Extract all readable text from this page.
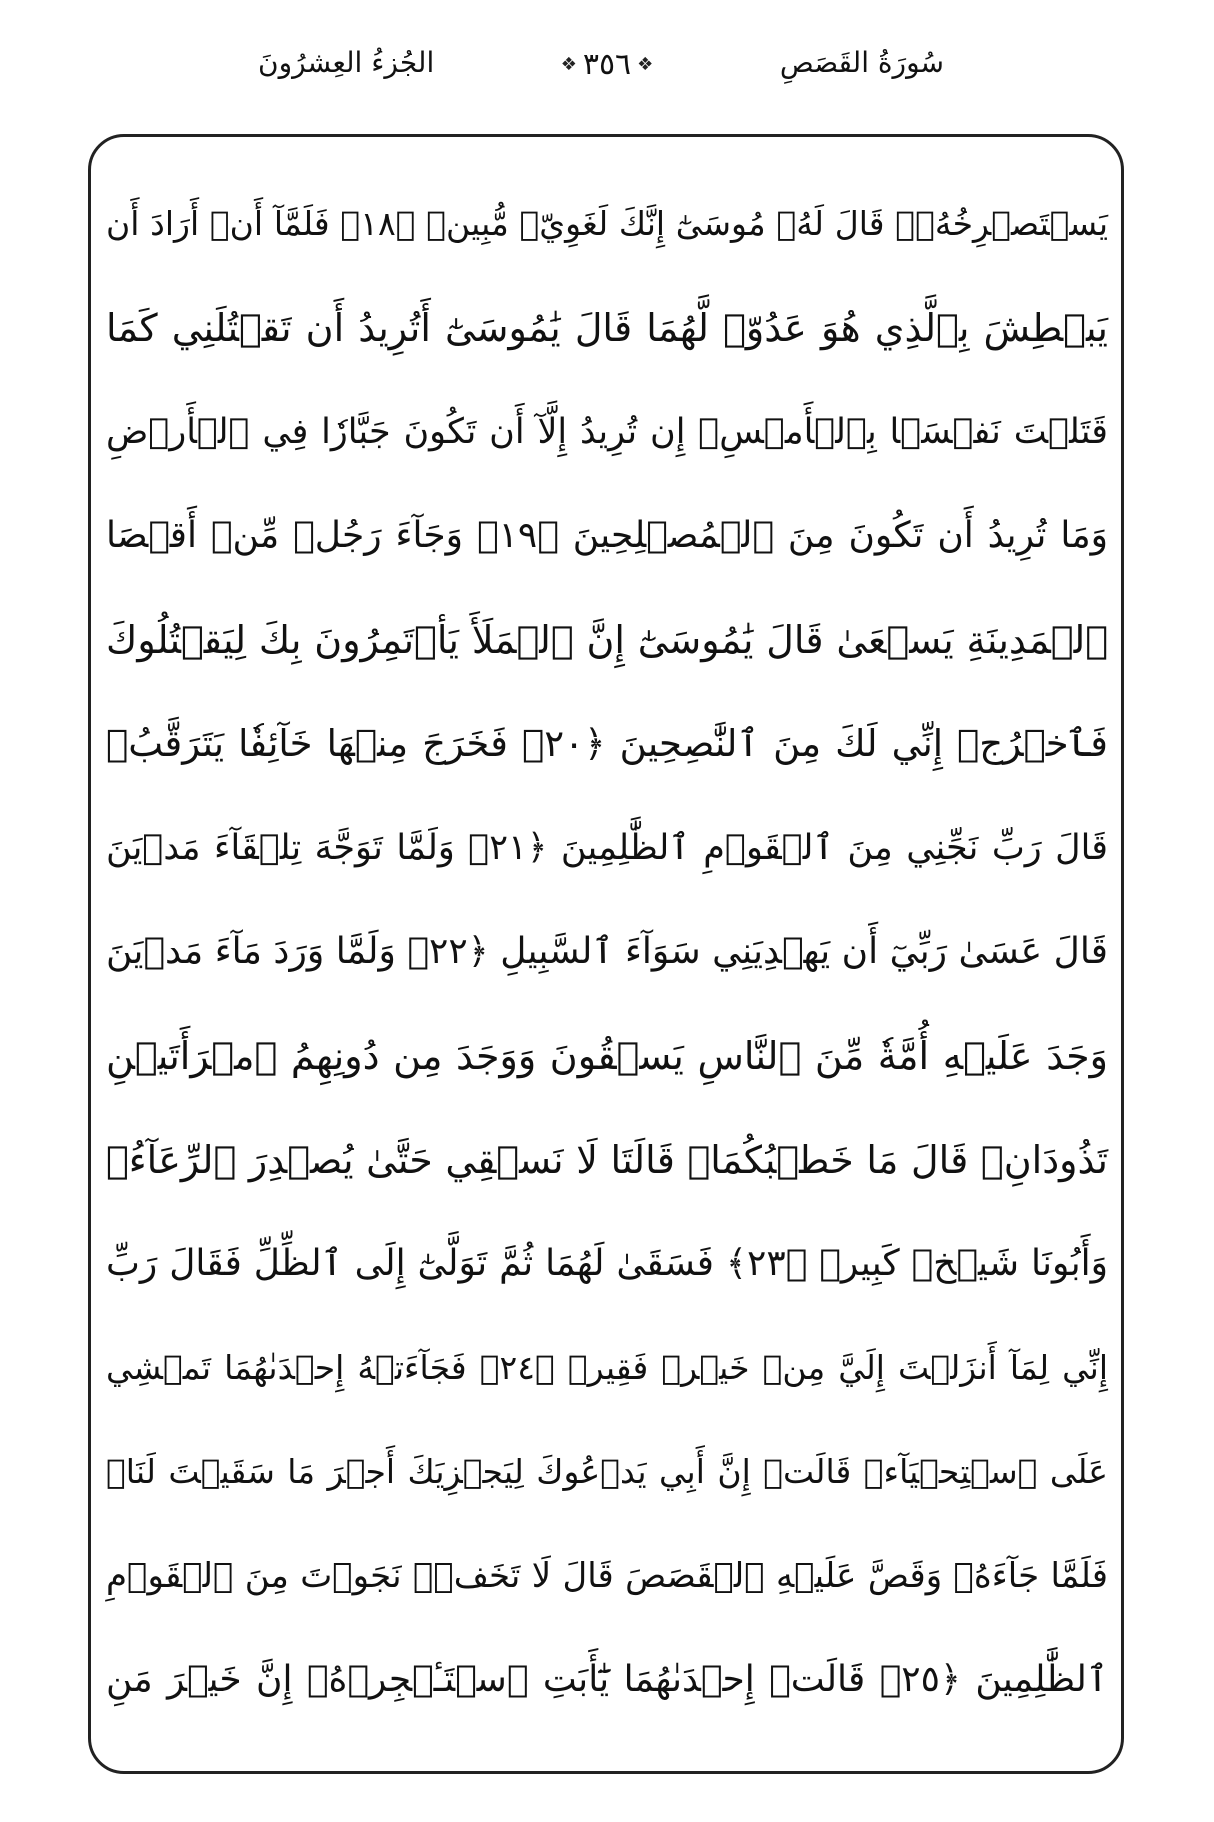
سُورَةُ القَصَصِ
❖
٣٥٦
❖
الجُزءُ العِشرُونَ
يَسۡتَصۡرِخُهُۥۚ قَالَ لَهُۥ مُوسَىٰٓ إِنَّكَ لَغَوِيّٞ مُّبِينٞ ﴿١٨﴾ فَلَمَّآ أَنۡ أَرَادَ أَن
يَبۡطِشَ بِٱلَّذِي هُوَ عَدُوّٞ لَّهُمَا قَالَ يَٰمُوسَىٰٓ أَتُرِيدُ أَن تَقۡتُلَنِي كَمَا
قَتَلۡتَ نَفۡسَۢا بِٱلۡأَمۡسِۖ إِن تُرِيدُ إِلَّآ أَن تَكُونَ جَبَّارٗا فِي ٱلۡأَرۡضِ
وَمَا تُرِيدُ أَن تَكُونَ مِنَ ٱلۡمُصۡلِحِينَ ﴿١٩﴾ وَجَآءَ رَجُلٞ مِّنۡ أَقۡصَا
ٱلۡمَدِينَةِ يَسۡعَىٰ قَالَ يَٰمُوسَىٰٓ إِنَّ ٱلۡمَلَأَ يَأۡتَمِرُونَ بِكَ لِيَقۡتُلُوكَ
فَٱخۡرُجۡ إِنِّي لَكَ مِنَ ٱلنَّٰصِحِينَ ﴿٢٠﴾ فَخَرَجَ مِنۡهَا خَآئِفٗا يَتَرَقَّبُۖ
قَالَ رَبِّ نَجِّنِي مِنَ ٱلۡقَوۡمِ ٱلظَّٰلِمِينَ ﴿٢١﴾ وَلَمَّا تَوَجَّهَ تِلۡقَآءَ مَدۡيَنَ
قَالَ عَسَىٰ رَبِّيٓ أَن يَهۡدِيَنِي سَوَآءَ ٱلسَّبِيلِ ﴿٢٢﴾ وَلَمَّا وَرَدَ مَآءَ مَدۡيَنَ
وَجَدَ عَلَيۡهِ أُمَّةٗ مِّنَ ٱلنَّاسِ يَسۡقُونَ وَوَجَدَ مِن دُونِهِمُ ٱمۡرَأَتَيۡنِ
تَذُودَانِۖ قَالَ مَا خَطۡبُكُمَاۖ قَالَتَا لَا نَسۡقِي حَتَّىٰ يُصۡدِرَ ٱلرِّعَآءُۖ
وَأَبُونَا شَيۡخٞ كَبِيرٞ ﴿٢٣﴾ فَسَقَىٰ لَهُمَا ثُمَّ تَوَلَّىٰٓ إِلَى ٱلظِّلِّ فَقَالَ رَبِّ
إِنِّي لِمَآ أَنزَلۡتَ إِلَيَّ مِنۡ خَيۡرٖ فَقِيرٞ ﴿٢٤﴾ فَجَآءَتۡهُ إِحۡدَىٰهُمَا تَمۡشِي
عَلَى ٱسۡتِحۡيَآءٖ قَالَتۡ إِنَّ أَبِي يَدۡعُوكَ لِيَجۡزِيَكَ أَجۡرَ مَا سَقَيۡتَ لَنَاۚ
فَلَمَّا جَآءَهُۥ وَقَصَّ عَلَيۡهِ ٱلۡقَصَصَ قَالَ لَا تَخَفۡۖ نَجَوۡتَ مِنَ ٱلۡقَوۡمِ
ٱلظَّٰلِمِينَ ﴿٢٥﴾ قَالَتۡ إِحۡدَىٰهُمَا يَٰٓأَبَتِ ٱسۡتَـٔۡجِرۡهُۖ إِنَّ خَيۡرَ مَنِ
